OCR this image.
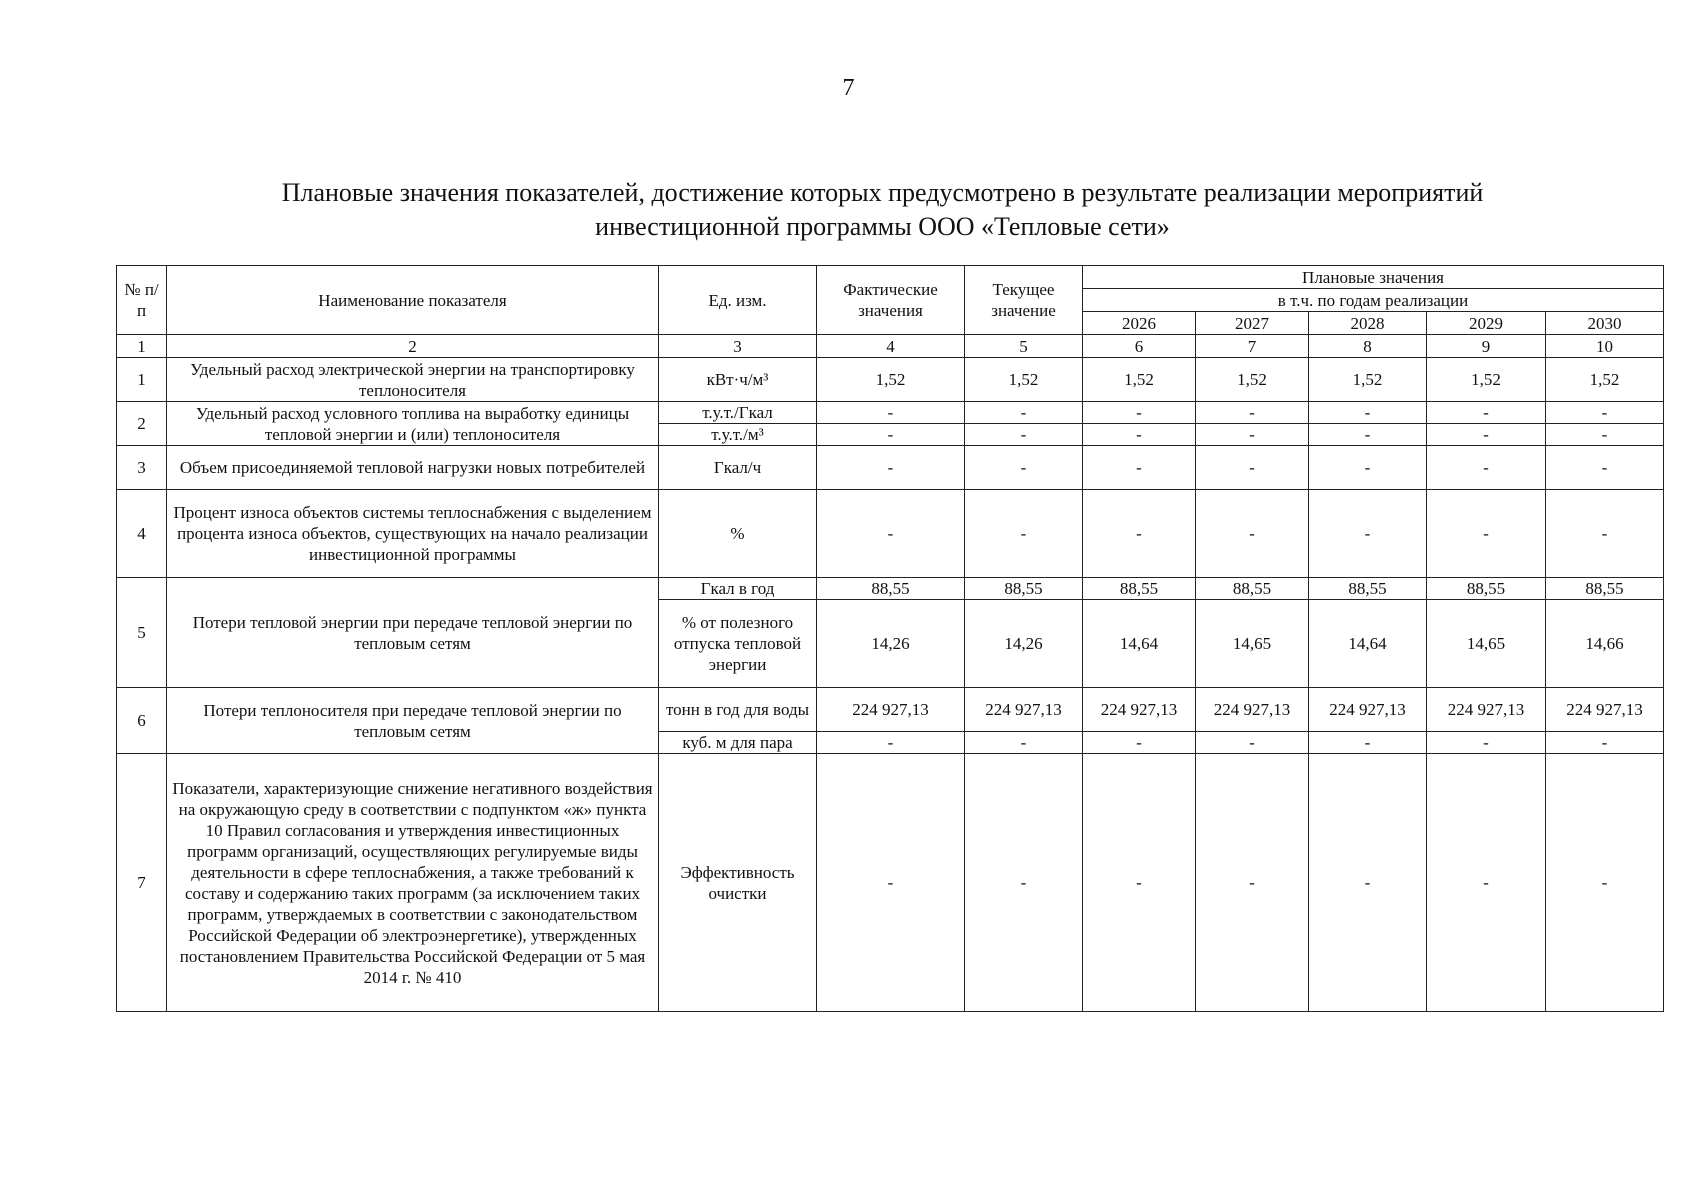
7
Плановые значения показателей, достижение которых предусмотрено в результате реализации мероприятий
инвестиционной программы ООО «Тепловые сети»
№ п/п	Наименование показателя	Ед. изм.	Фактические значения	Текущее значение	Плановые значения				
					в т.ч. по годам реализации				
					2026	2027	2028	2029	2030
1	2	3	4	5	6	7	8	9	10
1	Удельный расход электрической энергии на транспортировку теплоносителя	кВт·ч/м³	1,52	1,52	1,52	1,52	1,52	1,52	1,52
2	Удельный расход условного топлива на выработку единицы тепловой энергии и (или) теплоносителя	т.у.т./Гкал	-	-	-	-	-	-	-
		т.у.т./м³	-	-	-	-	-	-	-
3	Объем присоединяемой тепловой нагрузки новых потребителей	Гкал/ч	-	-	-	-	-	-	-
4	Процент износа объектов системы теплоснабжения с выделением процента износа объектов, существующих на начало реализации инвестиционной программы	%	-	-	-	-	-	-	-
5	Потери тепловой энергии при передаче тепловой энергии по тепловым сетям	Гкал в год	88,55	88,55	88,55	88,55	88,55	88,55	88,55
		% от полезного отпуска тепловой энергии	14,26	14,26	14,64	14,65	14,64	14,65	14,66
6	Потери теплоносителя при передаче тепловой энергии по тепловым сетям	тонн в год для воды	224 927,13	224 927,13	224 927,13	224 927,13	224 927,13	224 927,13	224 927,13
		куб. м для пара	-	-	-	-	-	-	-
7	Показатели, характеризующие снижение негативного воздействия на окружающую среду в соответствии с подпунктом «ж» пункта 10 Правил согласования и утверждения инвестиционных программ организаций, осуществляющих регулируемые виды деятельности в сфере теплоснабжения, а также требований к составу и содержанию таких программ (за исключением таких программ, утверждаемых в соответствии с законодательством Российской Федерации об электроэнергетике), утвержденных постановлением Правительства Российской Федерации от 5 мая 2014 г. № 410	Эффективность очистки	-	-	-	-	-	-	-
